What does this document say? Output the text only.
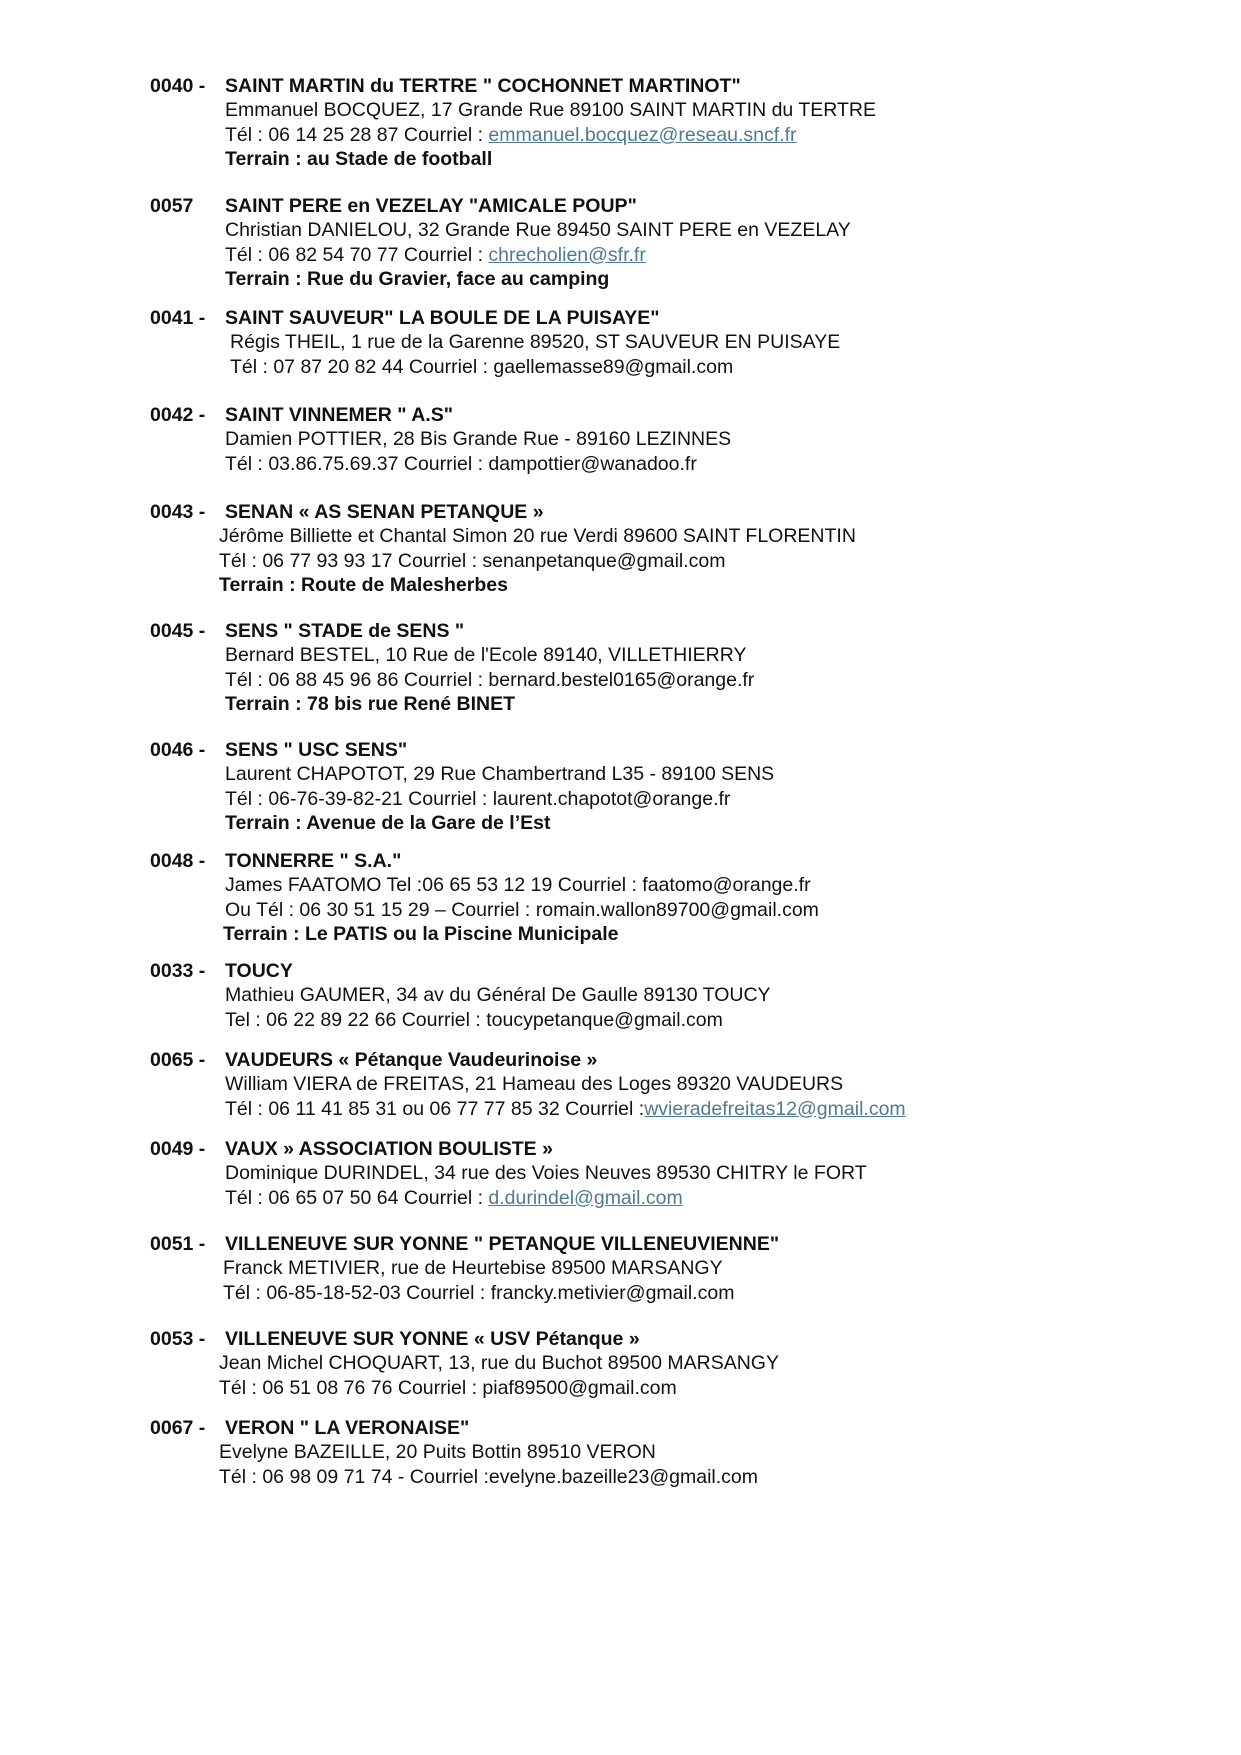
0040 - SAINT MARTIN du TERTRE " COCHONNET MARTINOT"
Emmanuel BOCQUEZ, 17 Grande Rue 89100 SAINT MARTIN du TERTRE
Tél : 06 14 25 28 87 Courriel : emmanuel.bocquez@reseau.sncf.fr
Terrain : au Stade de football
0057 SAINT PERE en VEZELAY "AMICALE POUP"
Christian DANIELOU, 32 Grande Rue 89450 SAINT PERE en VEZELAY
Tél : 06 82 54 70 77 Courriel : chrecholien@sfr.fr
Terrain : Rue du Gravier, face au camping
0041 - SAINT SAUVEUR" LA BOULE DE LA PUISAYE"
Régis THEIL, 1 rue de la Garenne 89520, ST SAUVEUR EN PUISAYE
Tél : 07 87 20 82 44 Courriel : gaellemasse89@gmail.com
0042 - SAINT VINNEMER " A.S"
Damien POTTIER, 28 Bis Grande Rue - 89160 LEZINNES
Tél : 03.86.75.69.37 Courriel : dampottier@wanadoo.fr
0043 - SENAN « AS SENAN PETANQUE »
Jérôme Billiette et Chantal Simon 20 rue Verdi 89600 SAINT FLORENTIN
Tél : 06 77 93 93 17 Courriel : senanpetanque@gmail.com
Terrain : Route de Malesherbes
0045 - SENS " STADE de SENS "
Bernard BESTEL, 10 Rue de l'Ecole 89140, VILLETHIERRY
Tél : 06 88 45 96 86 Courriel : bernard.bestel0165@orange.fr
Terrain : 78 bis rue René BINET
0046 - SENS " USC SENS"
Laurent CHAPOTOT, 29 Rue Chambertrand L35 - 89100 SENS
Tél : 06-76-39-82-21 Courriel : laurent.chapotot@orange.fr
Terrain : Avenue de la Gare de l’Est
0048 - TONNERRE " S.A."
James FAATOMO Tel :06 65 53 12 19 Courriel : faatomo@orange.fr
Ou Tél : 06 30 51 15 29 – Courriel : romain.wallon89700@gmail.com
Terrain : Le PATIS ou la Piscine Municipale
0033 - TOUCY
Mathieu GAUMER, 34 av du Général De Gaulle 89130 TOUCY
Tel : 06 22 89 22 66 Courriel : toucypetanque@gmail.com
0065 - VAUDEURS « Pétanque Vaudeurinoise »
William VIERA de FREITAS, 21 Hameau des Loges 89320 VAUDEURS
Tél : 06 11 41 85 31 ou 06 77 77 85 32 Courriel :wvieradefreitas12@gmail.com
0049 - VAUX » ASSOCIATION BOULISTE »
Dominique DURINDEL, 34 rue des Voies Neuves 89530 CHITRY le FORT
Tél : 06 65 07 50 64 Courriel : d.durindel@gmail.com
0051 - VILLENEUVE SUR YONNE " PETANQUE VILLENEUVIENNE"
Franck METIVIER, rue de Heurtebise 89500 MARSANGY
Tél : 06-85-18-52-03 Courriel : francky.metivier@gmail.com
0053 - VILLENEUVE SUR YONNE « USV Pétanque »
Jean Michel CHOQUART, 13, rue du Buchot 89500 MARSANGY
Tél : 06 51 08 76 76 Courriel : piaf89500@gmail.com
0067 - VERON " LA VERONAISE"
Evelyne BAZEILLE, 20 Puits Bottin 89510 VERON
Tél : 06 98 09 71 74 - Courriel :evelyne.bazeille23@gmail.com
